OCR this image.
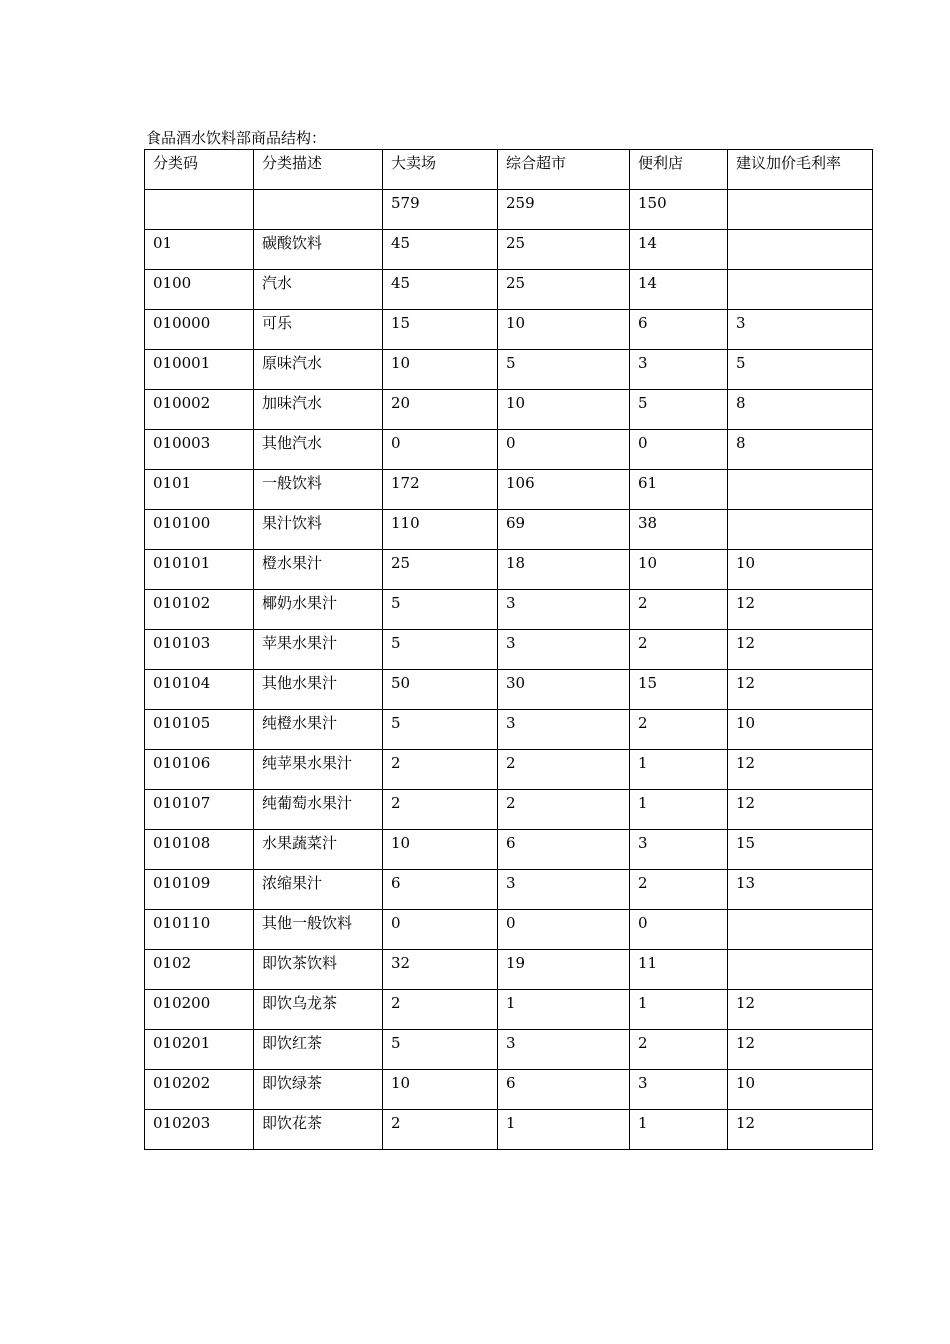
食品酒水饮料部商品结构：
分类码	分类描述	大卖场	综合超市	便利店	建议加价毛利率
		579	259	150	
01	碳酸饮料	45	25	14	
0100	汽水	45	25	14	
010000	可乐	15	10	6	3
010001	原味汽水	10	5	3	5
010002	加味汽水	20	10	5	8
010003	其他汽水	0	0	0	8
0101	一般饮料	172	106	61	
010100	果汁饮料	110	69	38	
010101	橙水果汁	25	18	10	10
010102	椰奶水果汁	5	3	2	12
010103	苹果水果汁	5	3	2	12
010104	其他水果汁	50	30	15	12
010105	纯橙水果汁	5	3	2	10
010106	纯苹果水果汁	2	2	1	12
010107	纯葡萄水果汁	2	2	1	12
010108	水果蔬菜汁	10	6	3	15
010109	浓缩果汁	6	3	2	13
010110	其他一般饮料	0	0	0	
0102	即饮茶饮料	32	19	11	
010200	即饮乌龙茶	2	1	1	12
010201	即饮红茶	5	3	2	12
010202	即饮绿茶	10	6	3	10
010203	即饮花茶	2	1	1	12
